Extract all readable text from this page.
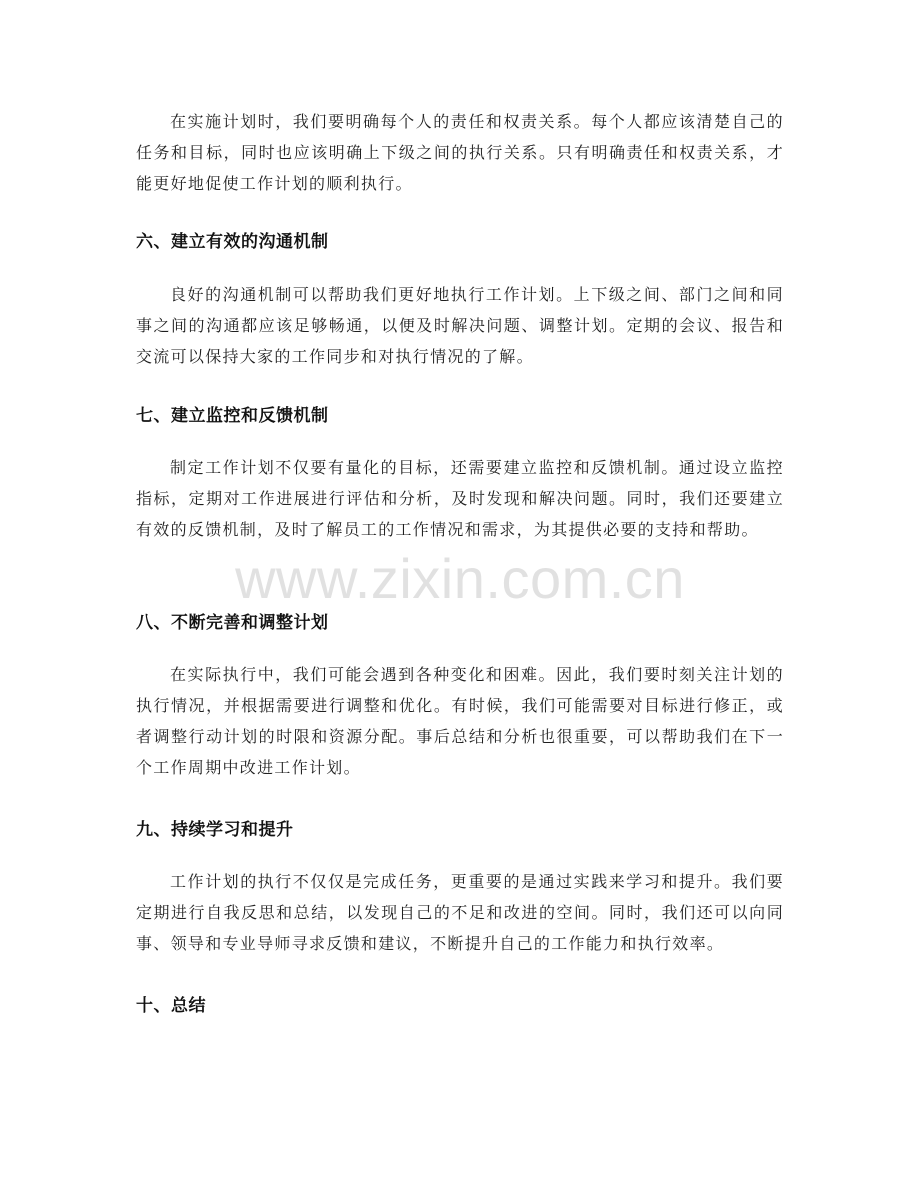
在实施计划时，我们要明确每个人的责任和权责关系。每个人都应该清楚自己的任务和目标，同时也应该明确上下级之间的执行关系。只有明确责任和权责关系，才能更好地促使工作计划的顺利执行。

六、建立有效的沟通机制

良好的沟通机制可以帮助我们更好地执行工作计划。上下级之间、部门之间和同事之间的沟通都应该足够畅通，以便及时解决问题、调整计划。定期的会议、报告和交流可以保持大家的工作同步和对执行情况的了解。

七、建立监控和反馈机制

制定工作计划不仅要有量化的目标，还需要建立监控和反馈机制。通过设立监控指标，定期对工作进展进行评估和分析，及时发现和解决问题。同时，我们还要建立有效的反馈机制，及时了解员工的工作情况和需求，为其提供必要的支持和帮助。

八、不断完善和调整计划

在实际执行中，我们可能会遇到各种变化和困难。因此，我们要时刻关注计划的执行情况，并根据需要进行调整和优化。有时候，我们可能需要对目标进行修正，或者调整行动计划的时限和资源分配。事后总结和分析也很重要，可以帮助我们在下一个工作周期中改进工作计划。

九、持续学习和提升

工作计划的执行不仅仅是完成任务，更重要的是通过实践来学习和提升。我们要定期进行自我反思和总结，以发现自己的不足和改进的空间。同时，我们还可以向同事、领导和专业导师寻求反馈和建议，不断提升自己的工作能力和执行效率。

十、总结
www.zixin.com.cn
